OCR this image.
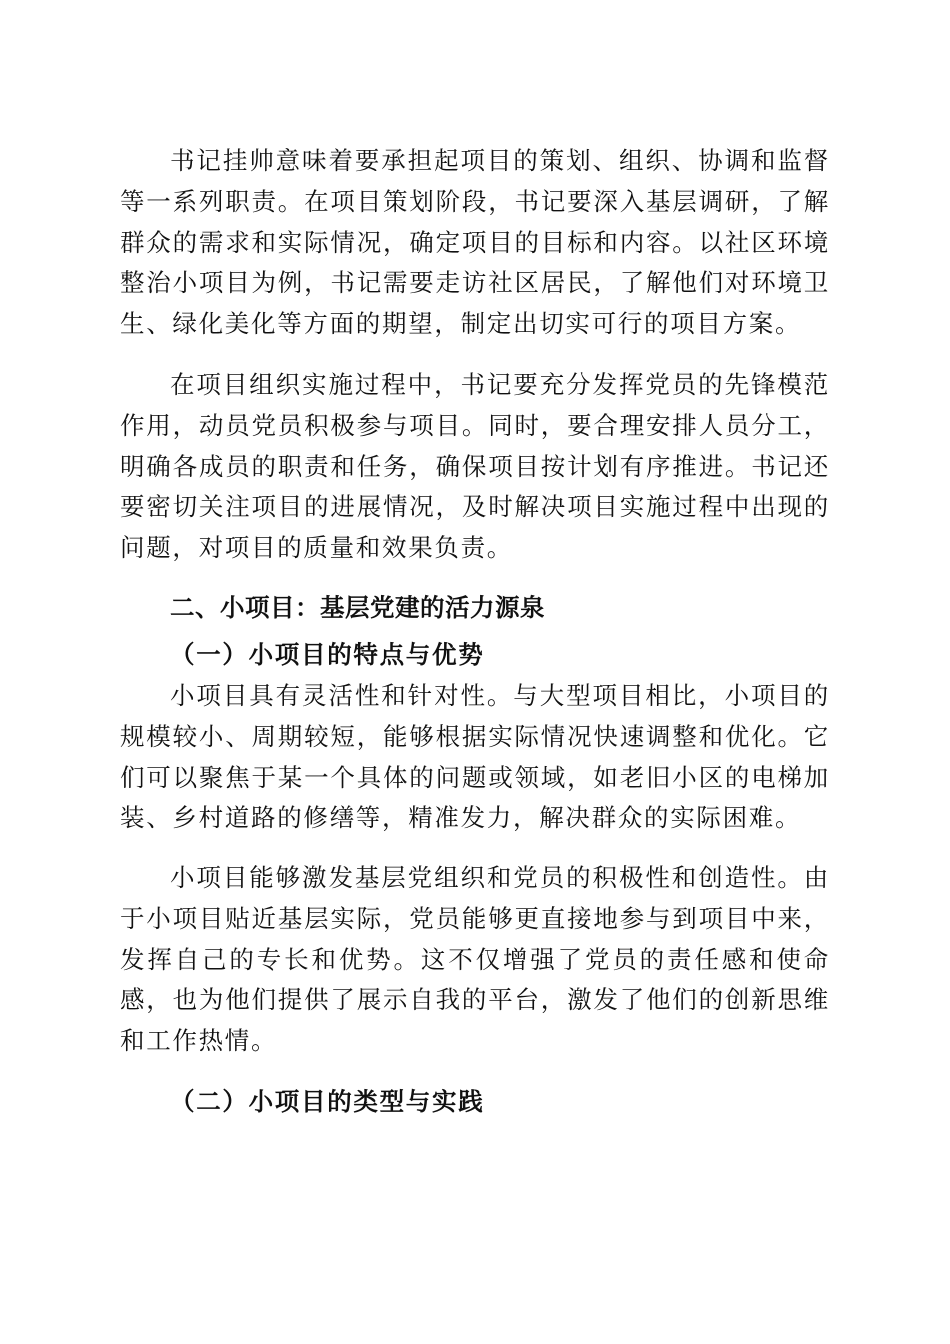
书记挂帅意味着要承担起项目的策划、组织、协调和监督等一系列职责。在项目策划阶段，书记要深入基层调研，了解群众的需求和实际情况，确定项目的目标和内容。以社区环境整治小项目为例，书记需要走访社区居民，了解他们对环境卫生、绿化美化等方面的期望，制定出切实可行的项目方案。

在项目组织实施过程中，书记要充分发挥党员的先锋模范作用，动员党员积极参与项目。同时，要合理安排人员分工，明确各成员的职责和任务，确保项目按计划有序推进。书记还要密切关注项目的进展情况，及时解决项目实施过程中出现的问题，对项目的质量和效果负责。

二、小项目：基层党建的活力源泉
（一）小项目的特点与优势

小项目具有灵活性和针对性。与大型项目相比，小项目的规模较小、周期较短，能够根据实际情况快速调整和优化。它们可以聚焦于某一个具体的问题或领域，如老旧小区的电梯加装、乡村道路的修缮等，精准发力，解决群众的实际困难。

小项目能够激发基层党组织和党员的积极性和创造性。由于小项目贴近基层实际，党员能够更直接地参与到项目中来，发挥自己的专长和优势。这不仅增强了党员的责任感和使命感，也为他们提供了展示自我的平台，激发了他们的创新思维和工作热情。

（二）小项目的类型与实践
